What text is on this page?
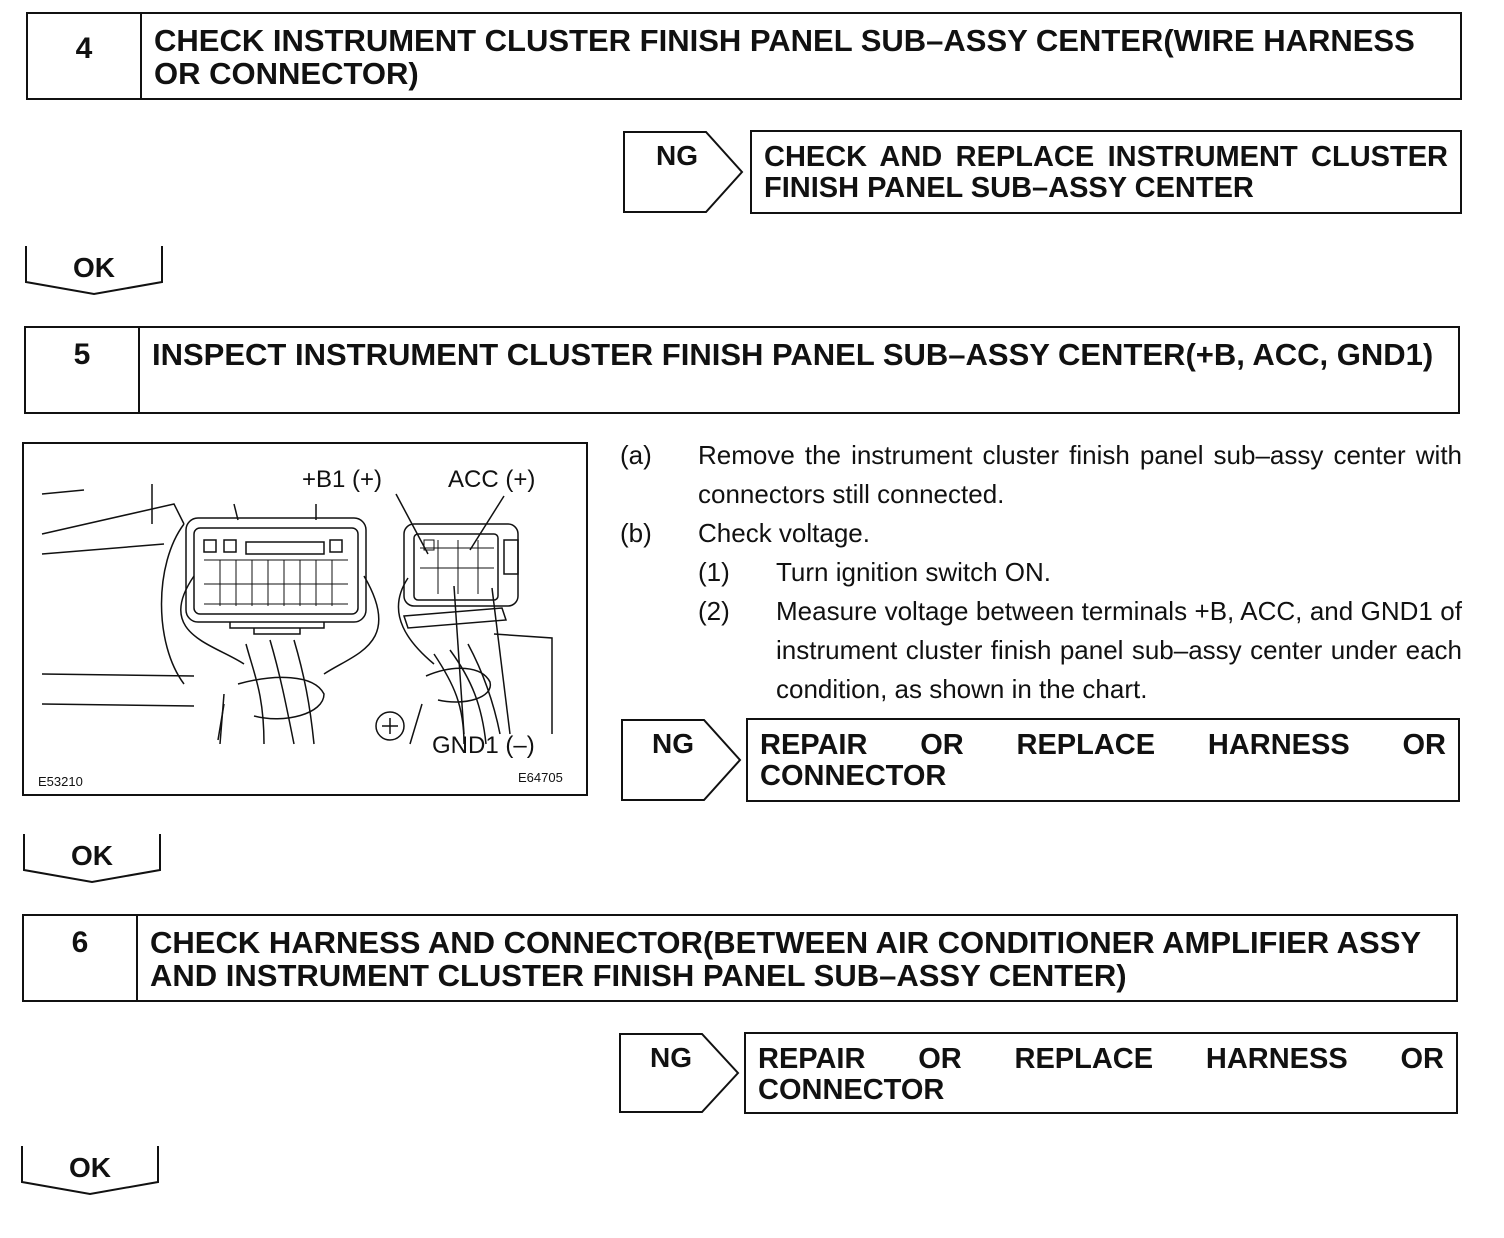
4	CHECK INSTRUMENT CLUSTER FINISH PANEL SUB–ASSY CENTER(WIRE HARNESS OR CONNECTOR)
NG	CHECK AND REPLACE INSTRUMENT CLUSTER FINISH PANEL SUB–ASSY CENTER
OK
5	INSPECT INSTRUMENT CLUSTER FINISH PANEL SUB–ASSY CENTER(+B, ACC, GND1)
+B1 (+)	ACC (+)
GND1 (–)
E53210	E64705
(a)	Remove the instrument cluster finish panel sub–assy center with connectors still connected.
(b)	Check voltage.
(1)	Turn ignition switch ON.
(2)	Measure voltage between terminals +B, ACC, and GND1 of instrument cluster finish panel sub–assy center under each condition, as shown in the chart.
NG	REPAIR OR REPLACE HARNESS OR CONNECTOR
OK
6	CHECK HARNESS AND CONNECTOR(BETWEEN AIR CONDITIONER AMPLIFIER ASSY AND INSTRUMENT CLUSTER FINISH PANEL SUB–ASSY CENTER)
NG	REPAIR OR REPLACE HARNESS OR CONNECTOR
OK
